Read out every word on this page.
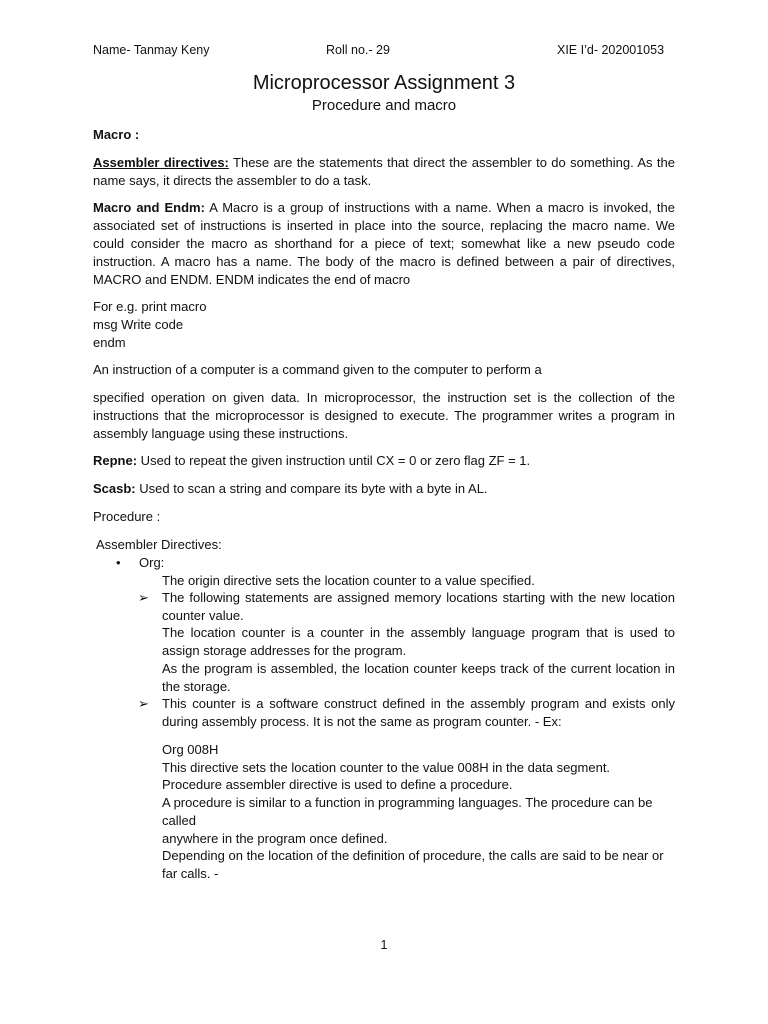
Name- Tanmay Keny	Roll no.- 29	XIE I’d- 202001053
Microprocessor Assignment 3
Procedure and macro
Macro :
Assembler directives: These are the statements that direct the assembler to do something. As the name says, it directs the assembler to do a task.
Macro and Endm: A Macro is a group of instructions with a name. When a macro is invoked, the associated set of instructions is inserted in place into the source, replacing the macro name. We could consider the macro as shorthand for a piece of text; somewhat like a new pseudo code instruction. A macro has a name. The body of the macro is defined between a pair of directives, MACRO and ENDM. ENDM indicates the end of macro
For e.g. print macro
msg Write code
endm
An instruction of a computer is a command given to the computer to perform a
specified operation on given data. In microprocessor, the instruction set is the collection of the instructions that the microprocessor is designed to execute. The programmer writes a program in assembly language using these instructions.
Repne: Used to repeat the given instruction until CX = 0 or zero flag ZF = 1.
Scasb: Used to scan a string and compare its byte with a byte in AL.
Procedure :
Assembler Directives:
• Org:
The origin directive sets the location counter to a value specified.
➢ The following statements are assigned memory locations starting with the new location counter value.
The location counter is a counter in the assembly language program that is used to assign storage addresses for the program.
As the program is assembled, the location counter keeps track of the current location in the storage.
➢ This counter is a software construct defined in the assembly program and exists only during assembly process. It is not the same as program counter. - Ex:
Org 008H
This directive sets the location counter to the value 008H in the data segment.
Procedure assembler directive is used to define a procedure.
A procedure is similar to a function in programming languages. The procedure can be called
anywhere in the program once defined.
Depending on the location of the definition of procedure, the calls are said to be near or far calls. -
1
